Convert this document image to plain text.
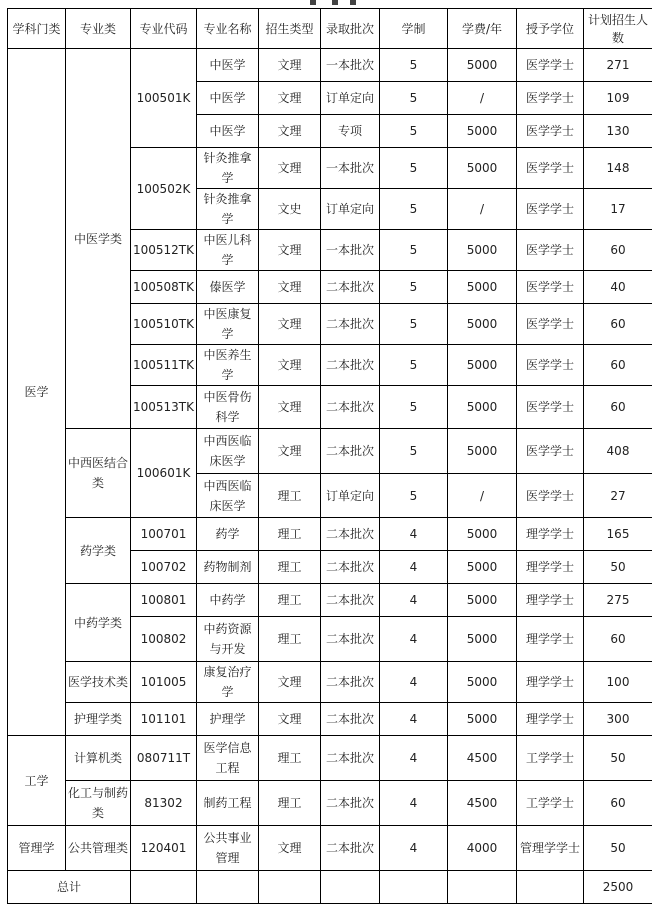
学科门类	专业类	专业代码	专业名称	招生类型	录取批次	学制	学费/年	授予学位	计划招生人数
医学	中医学类	100501K	中医学	文理	一本批次	5	5000	医学学士	271
			中医学	文理	订单定向	5	/	医学学士	109
			中医学	文理	专项	5	5000	医学学士	130
		100502K	针灸推拿学	文理	一本批次	5	5000	医学学士	148
			针灸推拿学	文史	订单定向	5	/	医学学士	17
		100512TK	中医儿科学	文理	一本批次	5	5000	医学学士	60
		100508TK	傣医学	文理	二本批次	5	5000	医学学士	40
		100510TK	中医康复学	文理	二本批次	5	5000	医学学士	60
		100511TK	中医养生学	文理	二本批次	5	5000	医学学士	60
		100513TK	中医骨伤科学	文理	二本批次	5	5000	医学学士	60
	中西医结合类	100601K	中西医临床医学	文理	二本批次	5	5000	医学学士	408
			中西医临床医学	理工	订单定向	5	/	医学学士	27
	药学类	100701	药学	理工	二本批次	4	5000	理学学士	165
		100702	药物制剂	理工	二本批次	4	5000	理学学士	50
	中药学类	100801	中药学	理工	二本批次	4	5000	理学学士	275
		100802	中药资源与开发	理工	二本批次	4	5000	理学学士	60
	医学技术类	101005	康复治疗学	文理	二本批次	4	5000	理学学士	100
	护理学类	101101	护理学	文理	二本批次	4	5000	理学学士	300
工学	计算机类	080711T	医学信息工程	理工	二本批次	4	4500	工学学士	50
	化工与制药类	81302	制药工程	理工	二本批次	4	4500	工学学士	60
管理学	公共管理类	120401	公共事业管理	文理	二本批次	4	4000	管理学学士	50
总计									2500
